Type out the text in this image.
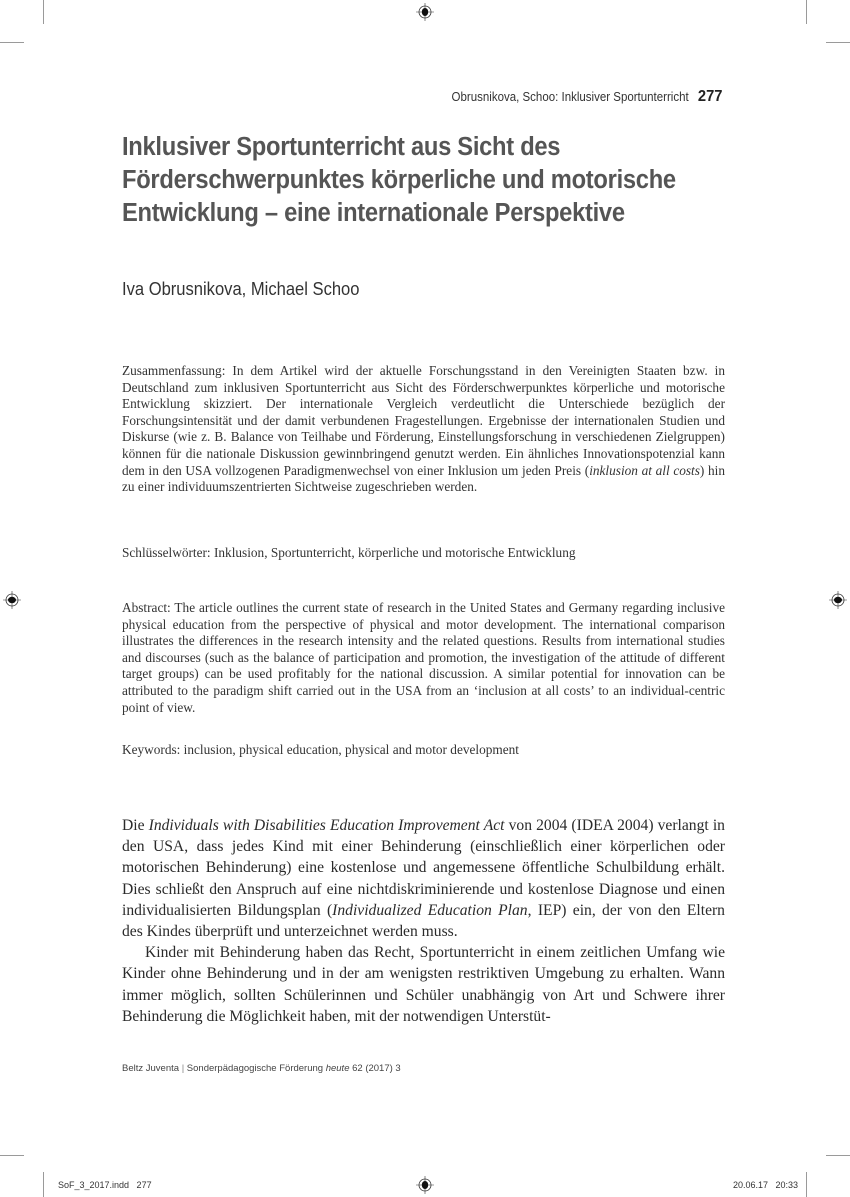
Obrusnikova, Schoo: Inklusiver Sportunterricht 277
Inklusiver Sportunterricht aus Sicht des Förderschwerpunktes körperliche und motorische Entwicklung – eine internationale Perspektive
Iva Obrusnikova, Michael Schoo
Zusammenfassung: In dem Artikel wird der aktuelle Forschungsstand in den Vereinigten Staaten bzw. in Deutschland zum inklusiven Sportunterricht aus Sicht des Förderschwerpunktes körperliche und motorische Entwicklung skizziert. Der internationale Vergleich verdeutlicht die Unterschiede bezüglich der Forschungsintensität und der damit verbundenen Fragestellungen. Ergebnisse der internationalen Studien und Diskurse (wie z. B. Balance von Teilhabe und Förderung, Einstellungsforschung in verschiedenen Zielgruppen) können für die nationale Diskussion gewinnbringend genutzt werden. Ein ähnliches Innovationspotenzial kann dem in den USA vollzogenen Paradigmenwechsel von einer Inklusion um jeden Preis (inklusion at all costs) hin zu einer individuumszentrierten Sichtweise zugeschrieben werden.
Schlüsselwörter: Inklusion, Sportunterricht, körperliche und motorische Entwicklung
Abstract: The article outlines the current state of research in the United States and Germany regarding inclusive physical education from the perspective of physical and motor development. The international comparison illustrates the differences in the research intensity and the related questions. Results from international studies and discourses (such as the balance of participation and promotion, the investigation of the attitude of different target groups) can be used profitably for the national discussion. A similar potential for innovation can be attributed to the paradigm shift carried out in the USA from an ‘inclusion at all costs’ to an individual-centric point of view.
Keywords: inclusion, physical education, physical and motor development

Die Individuals with Disabilities Education Improvement Act von 2004 (IDEA 2004) verlangt in den USA, dass jedes Kind mit einer Behinderung (einschließlich einer körperlichen oder motorischen Behinderung) eine kostenlose und angemessene öffentliche Schulbildung erhält. Dies schließt den Anspruch auf eine nichtdiskriminierende und kostenlose Diagnose und einen individualisierten Bildungsplan (Individualized Education Plan, IEP) ein, der von den Eltern des Kindes überprüft und unterzeichnet werden muss.

Kinder mit Behinderung haben das Recht, Sportunterricht in einem zeitlichen Umfang wie Kinder ohne Behinderung und in der am wenigsten restriktiven Umgebung zu erhalten. Wann immer möglich, sollten Schülerinnen und Schüler unabhängig von Art und Schwere ihrer Behinderung die Möglichkeit haben, mit der notwendigen Unterstüt-

Beltz Juventa | Sonderpädagogische Förderung heute 62 (2017) 3
SoF_3_2017.indd   277	20.06.17   20:33
